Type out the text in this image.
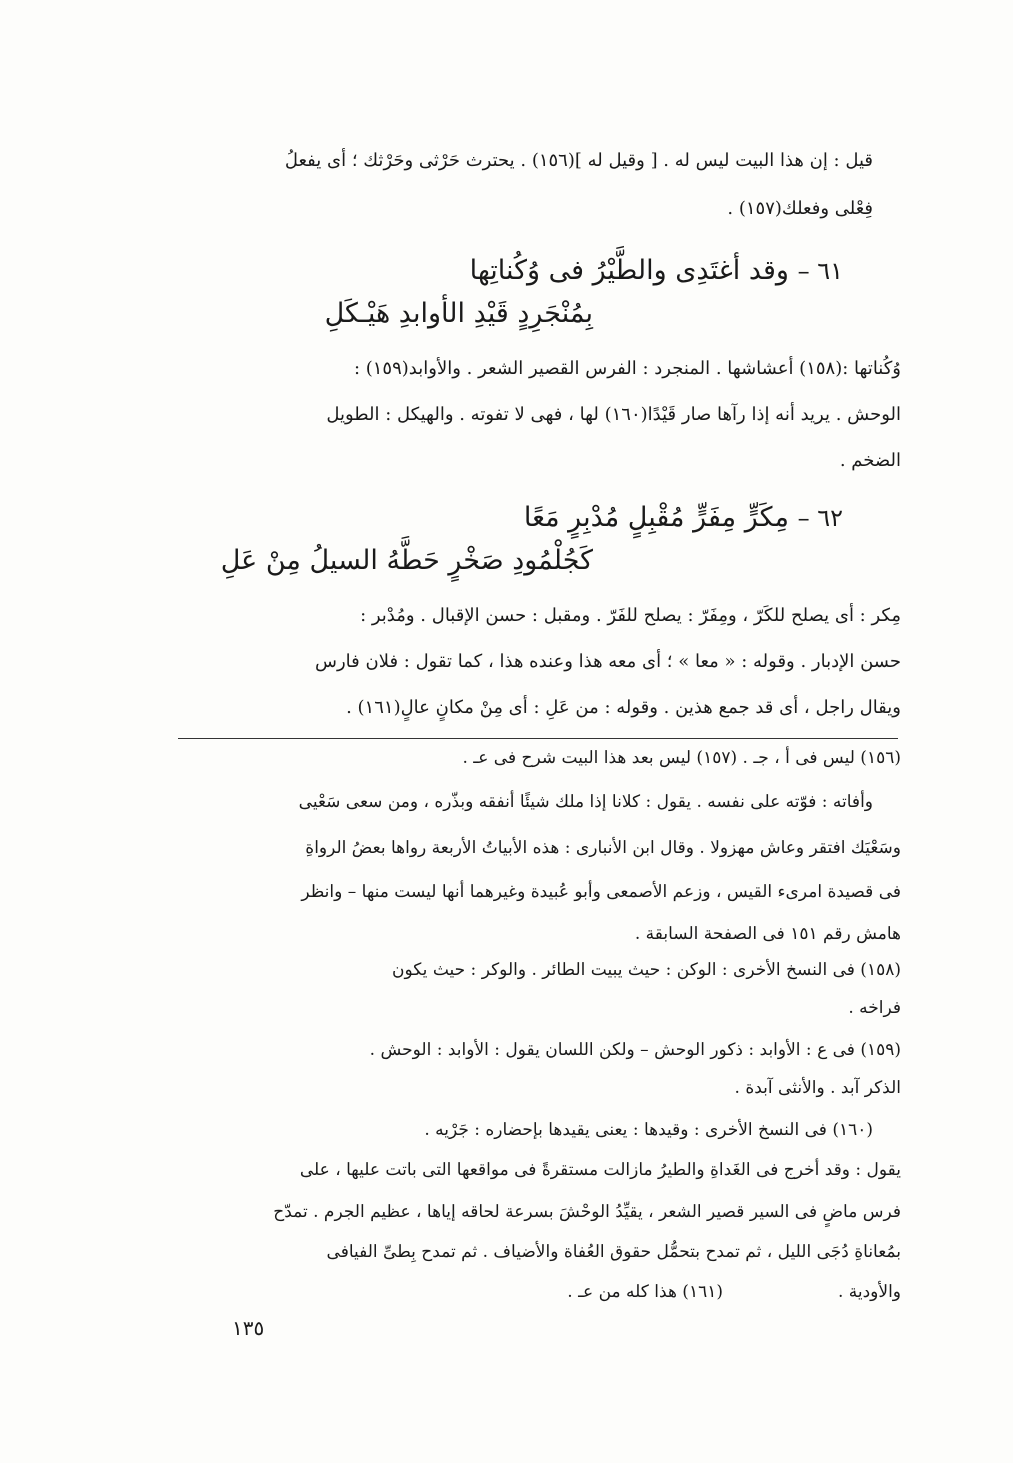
قيل : إن هذا البيت ليس له . [ وقيل له ](١٥٦) . يحترث حَرْثى وحَرْثك ؛ أى يفعلُ
فِعْلى وفعلك(١٥٧) .
٦١ – وقد أغتَدِى والطَّيْرُ فى وُكُناتِها
بِمُنْجَرِدٍ قَيْدِ الأوابدِ هَيْـكَلِ
وُكُناتها :(١٥٨) أعشاشها . المنجرد : الفرس القصير الشعر . والأوابد(١٥٩) :
الوحش . يريد أنه إذا رآها صار قَيْدًا(١٦٠) لها ، فهى لا تفوته . والهيكل : الطويل
الضخم .
٦٢ – مِكَرٍّ مِفَرٍّ مُقْبِلٍ مُدْبِرٍ مَعًا
كَجُلْمُودِ صَخْرٍ حَطَّهُ السيلُ مِنْ عَلِ
مِكر : أى يصلح للكَرّ ، ومِفَرّ : يصلح للفَرّ . ومقبل : حسن الإقبال . ومُدْبر :
حسن الإدبار . وقوله : « معا » ؛ أى معه هذا وعنده هذا ، كما تقول : فلان فارس
ويقال راجل ، أى قد جمع هذين . وقوله : من عَلِ : أى مِنْ مكانٍ عالٍ(١٦١) .
(١٥٦) ليس فى أ ، جـ . (١٥٧) ليس بعد هذا البيت شرح فى عـ .
وأفاته : فوّته على نفسه . يقول : كلانا إذا ملك شيئًا أنفقه وبذّره ، ومن سعى سَعْيى
وسَعْيَك افتقر وعاش مهزولا . وقال ابن الأنبارى : هذه الأبياتُ الأربعة رواها بعضُ الرواةِ
فى قصيدة امرىء القيس ، وزعم الأصمعى وأبو عُبيدة وغيرهما أنها ليست منها – وانظر
هامش رقم ١٥١ فى الصفحة السابقة .
(١٥٨) فى النسخ الأخرى : الوكن : حيث يبيت الطائر . والوكر : حيث يكون
فراخه .
(١٥٩) فى ع : الأوابد : ذكور الوحش – ولكن اللسان يقول : الأوابد : الوحش .
الذكر آبد . والأنثى آبدة .
(١٦٠) فى النسخ الأخرى : وقيدها : يعنى يقيدها بإحضاره : جَرْيه .
يقول : وقد أخرج فى الغَداةِ والطيرُ مازالت مستقرةً فى مواقعها التى باتت عليها ، على
فرس ماضٍ فى السير قصير الشعر ، يقيِّدُ الوحْشَ بسرعة لحاقه إياها ، عظيم الجرم . تمدّح
بمُعاناةِ دُجَى الليل ، ثم تمدح بتحمُّل حقوق العُفاة والأضياف . ثم تمدح بِطىِّ الفيافى
والأودية .
(١٦١) هذا كله من عـ .
١٣٥
